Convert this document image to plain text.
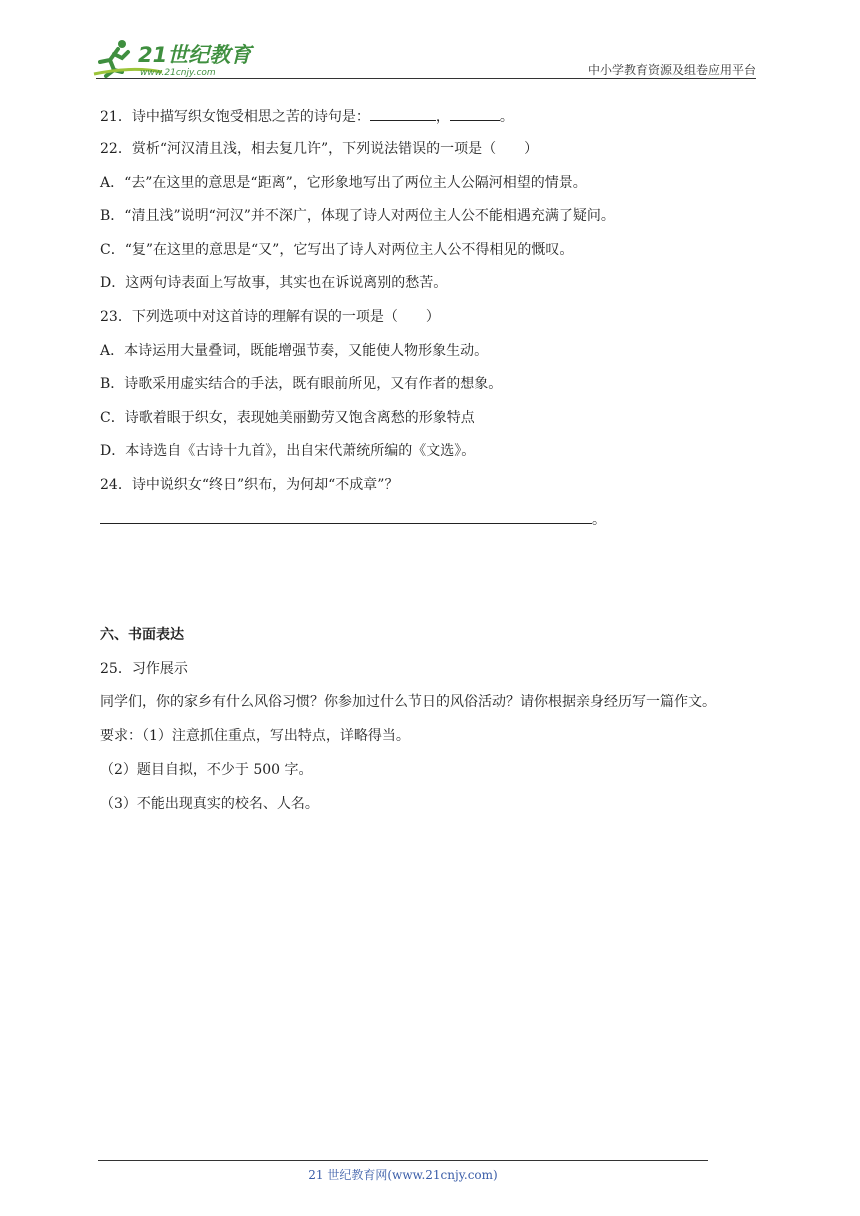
21世纪教育
www.21cnjy.com	中小学教育资源及组卷应用平台
21．诗中描写织女饱受相思之苦的诗句是：	，	。
22．赏析“河汉清且浅，相去复几许”，下列说法错误的一项是（　　）
A．“去”在这里的意思是“距离”，它形象地写出了两位主人公隔河相望的情景。
B．“清且浅”说明“河汉”并不深广，体现了诗人对两位主人公不能相遇充满了疑问。
C．“复”在这里的意思是“又”，它写出了诗人对两位主人公不得相见的慨叹。
D．这两句诗表面上写故事，其实也在诉说离别的愁苦。
23．下列选项中对这首诗的理解有误的一项是（　　）
A．本诗运用大量叠词，既能增强节奏，又能使人物形象生动。
B．诗歌采用虚实结合的手法，既有眼前所见，又有作者的想象。
C．诗歌着眼于织女，表现她美丽勤劳又饱含离愁的形象特点
D．本诗选自《古诗十九首》，出自宋代萧统所编的《文选》。
24．诗中说织女“终日”织布，为何却“不成章”？
。
六、书面表达
25．习作展示
同学们，你的家乡有什么风俗习惯？你参加过什么节日的风俗活动？请你根据亲身经历写一篇作文。
要求：（1）注意抓住重点，写出特点，详略得当。
（2）题目自拟，不少于 500 字。
（3）不能出现真实的校名、人名。
21 世纪教育网(www.21cnjy.com)
